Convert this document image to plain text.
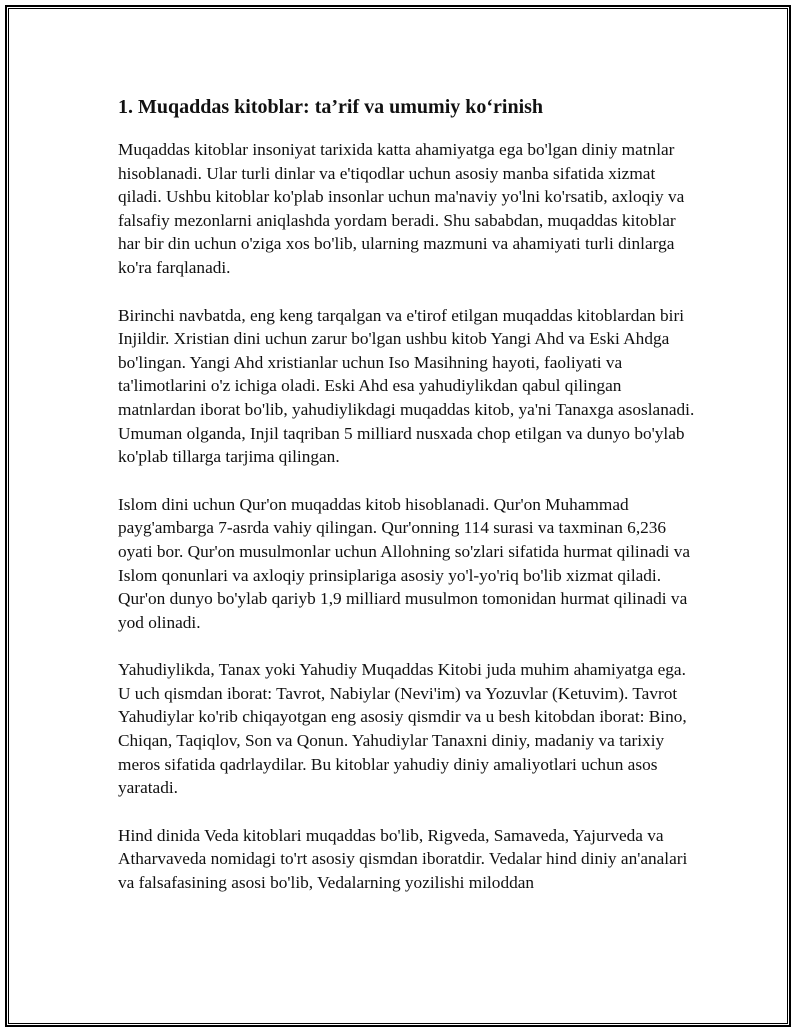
1. Muqaddas kitoblar: ta’rif va umumiy ko‘rinish

Muqaddas kitoblar insoniyat tarixida katta ahamiyatga ega bo'lgan diniy matnlar hisoblanadi. Ular turli dinlar va e'tiqodlar uchun asosiy manba sifatida xizmat qiladi. Ushbu kitoblar ko'plab insonlar uchun ma'naviy yo'lni ko'rsatib, axloqiy va falsafiy mezonlarni aniqlashda yordam beradi. Shu sababdan, muqaddas kitoblar har bir din uchun o'ziga xos bo'lib, ularning mazmuni va ahamiyati turli dinlarga ko'ra farqlanadi.

Birinchi navbatda, eng keng tarqalgan va e'tirof etilgan muqaddas kitoblardan biri Injildir. Xristian dini uchun zarur bo'lgan ushbu kitob Yangi Ahd va Eski Ahdga bo'lingan. Yangi Ahd xristianlar uchun Iso Masihning hayoti, faoliyati va ta'limotlarini o'z ichiga oladi. Eski Ahd esa yahudiylikdan qabul qilingan matnlardan iborat bo'lib, yahudiylikdagi muqaddas kitob, ya'ni Tanaxga asoslanadi. Umuman olganda, Injil taqriban 5 milliard nusxada chop etilgan va dunyo bo'ylab ko'plab tillarga tarjima qilingan.

Islom dini uchun Qur'on muqaddas kitob hisoblanadi. Qur'on Muhammad payg'ambarga 7-asrda vahiy qilingan. Qur'onning 114 surasi va taxminan 6,236 oyati bor. Qur'on musulmonlar uchun Allohning so'zlari sifatida hurmat qilinadi va Islom qonunlari va axloqiy prinsiplariga asosiy yo'l-yo'riq bo'lib xizmat qiladi. Qur'on dunyo bo'ylab qariyb 1,9 milliard musulmon tomonidan hurmat qilinadi va yod olinadi.

Yahudiylikda, Tanax yoki Yahudiy Muqaddas Kitobi juda muhim ahamiyatga ega. U uch qismdan iborat: Tavrot, Nabiylar (Nevi'im) va Yozuvlar (Ketuvim). Tavrot Yahudiylar ko'rib chiqayotgan eng asosiy qismdir va u besh kitobdan iborat: Bino, Chiqan, Taqiqlov, Son va Qonun. Yahudiylar Tanaxni diniy, madaniy va tarixiy meros sifatida qadrlaydilar. Bu kitoblar yahudiy diniy amaliyotlari uchun asos yaratadi.

Hind dinida Veda kitoblari muqaddas bo'lib, Rigveda, Samaveda, Yajurveda va Atharvaveda nomidagi to'rt asosiy qismdan iboratdir. Vedalar hind diniy an'analari va falsafasining asosi bo'lib, Vedalarning yozilishi miloddan
